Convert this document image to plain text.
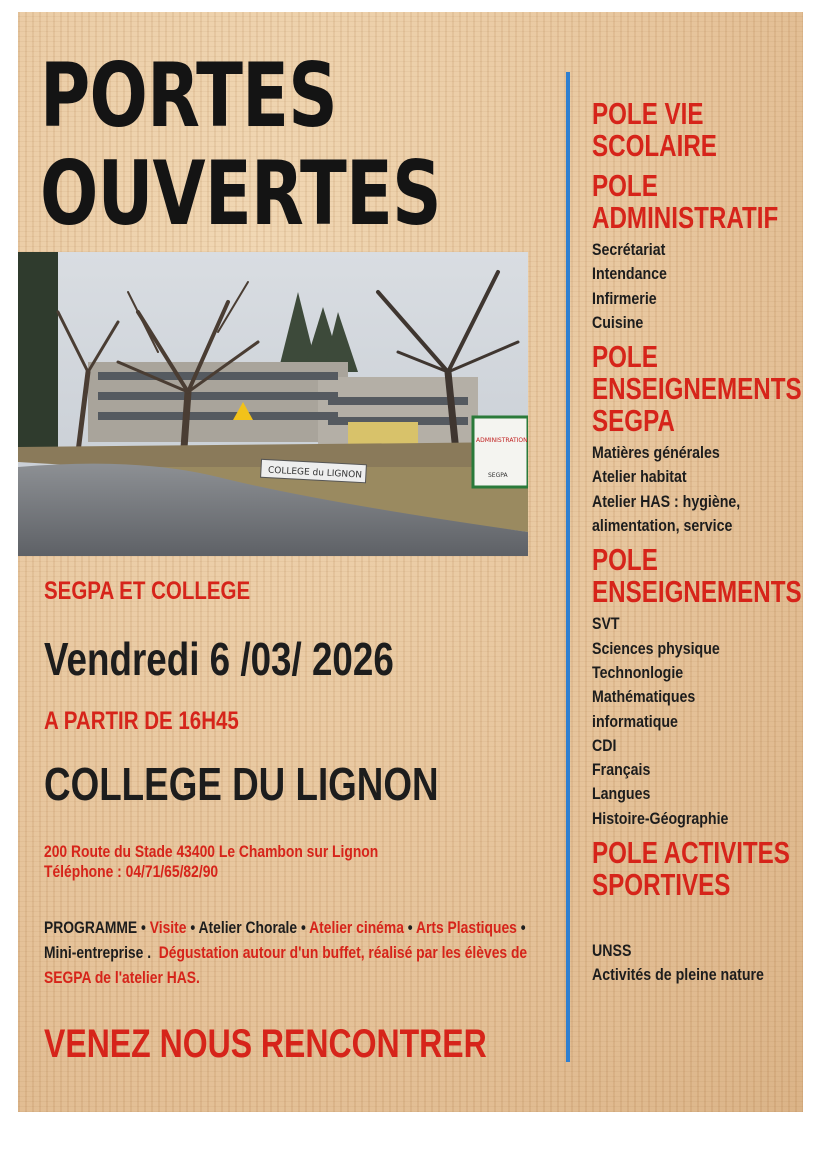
PORTES
OUVERTES
COLLEGE du LIGNON
ADMINISTRATION
SEGPA
SEGPA ET COLLEGE
Vendredi 6 /03/ 2026
A PARTIR DE 16H45
COLLEGE DU LIGNON
200 Route du Stade 43400 Le Chambon sur Lignon
Téléphone : 04/71/65/82/90
PROGRAMME • Visite • Atelier Chorale • Atelier cinéma • Arts Plastiques • Mini-entreprise . Dégustation autour d'un buffet, réalisé par les élèves de SEGPA de l'atelier HAS.
VENEZ NOUS RENCONTRER
POLE VIE
SCOLAIRE
POLE
ADMINISTRATIF
Secrétariat
Intendance
Infirmerie
Cuisine
POLE
ENSEIGNEMENTS
SEGPA
Matières générales
Atelier habitat
Atelier HAS : hygiène,
alimentation, service
POLE
ENSEIGNEMENTS
SVT
Sciences physique
Technonlogie
Mathématiques
informatique
CDI
Français
Langues
Histoire-Géographie
POLE ACTIVITES
SPORTIVES
UNSS
Activités de pleine nature
